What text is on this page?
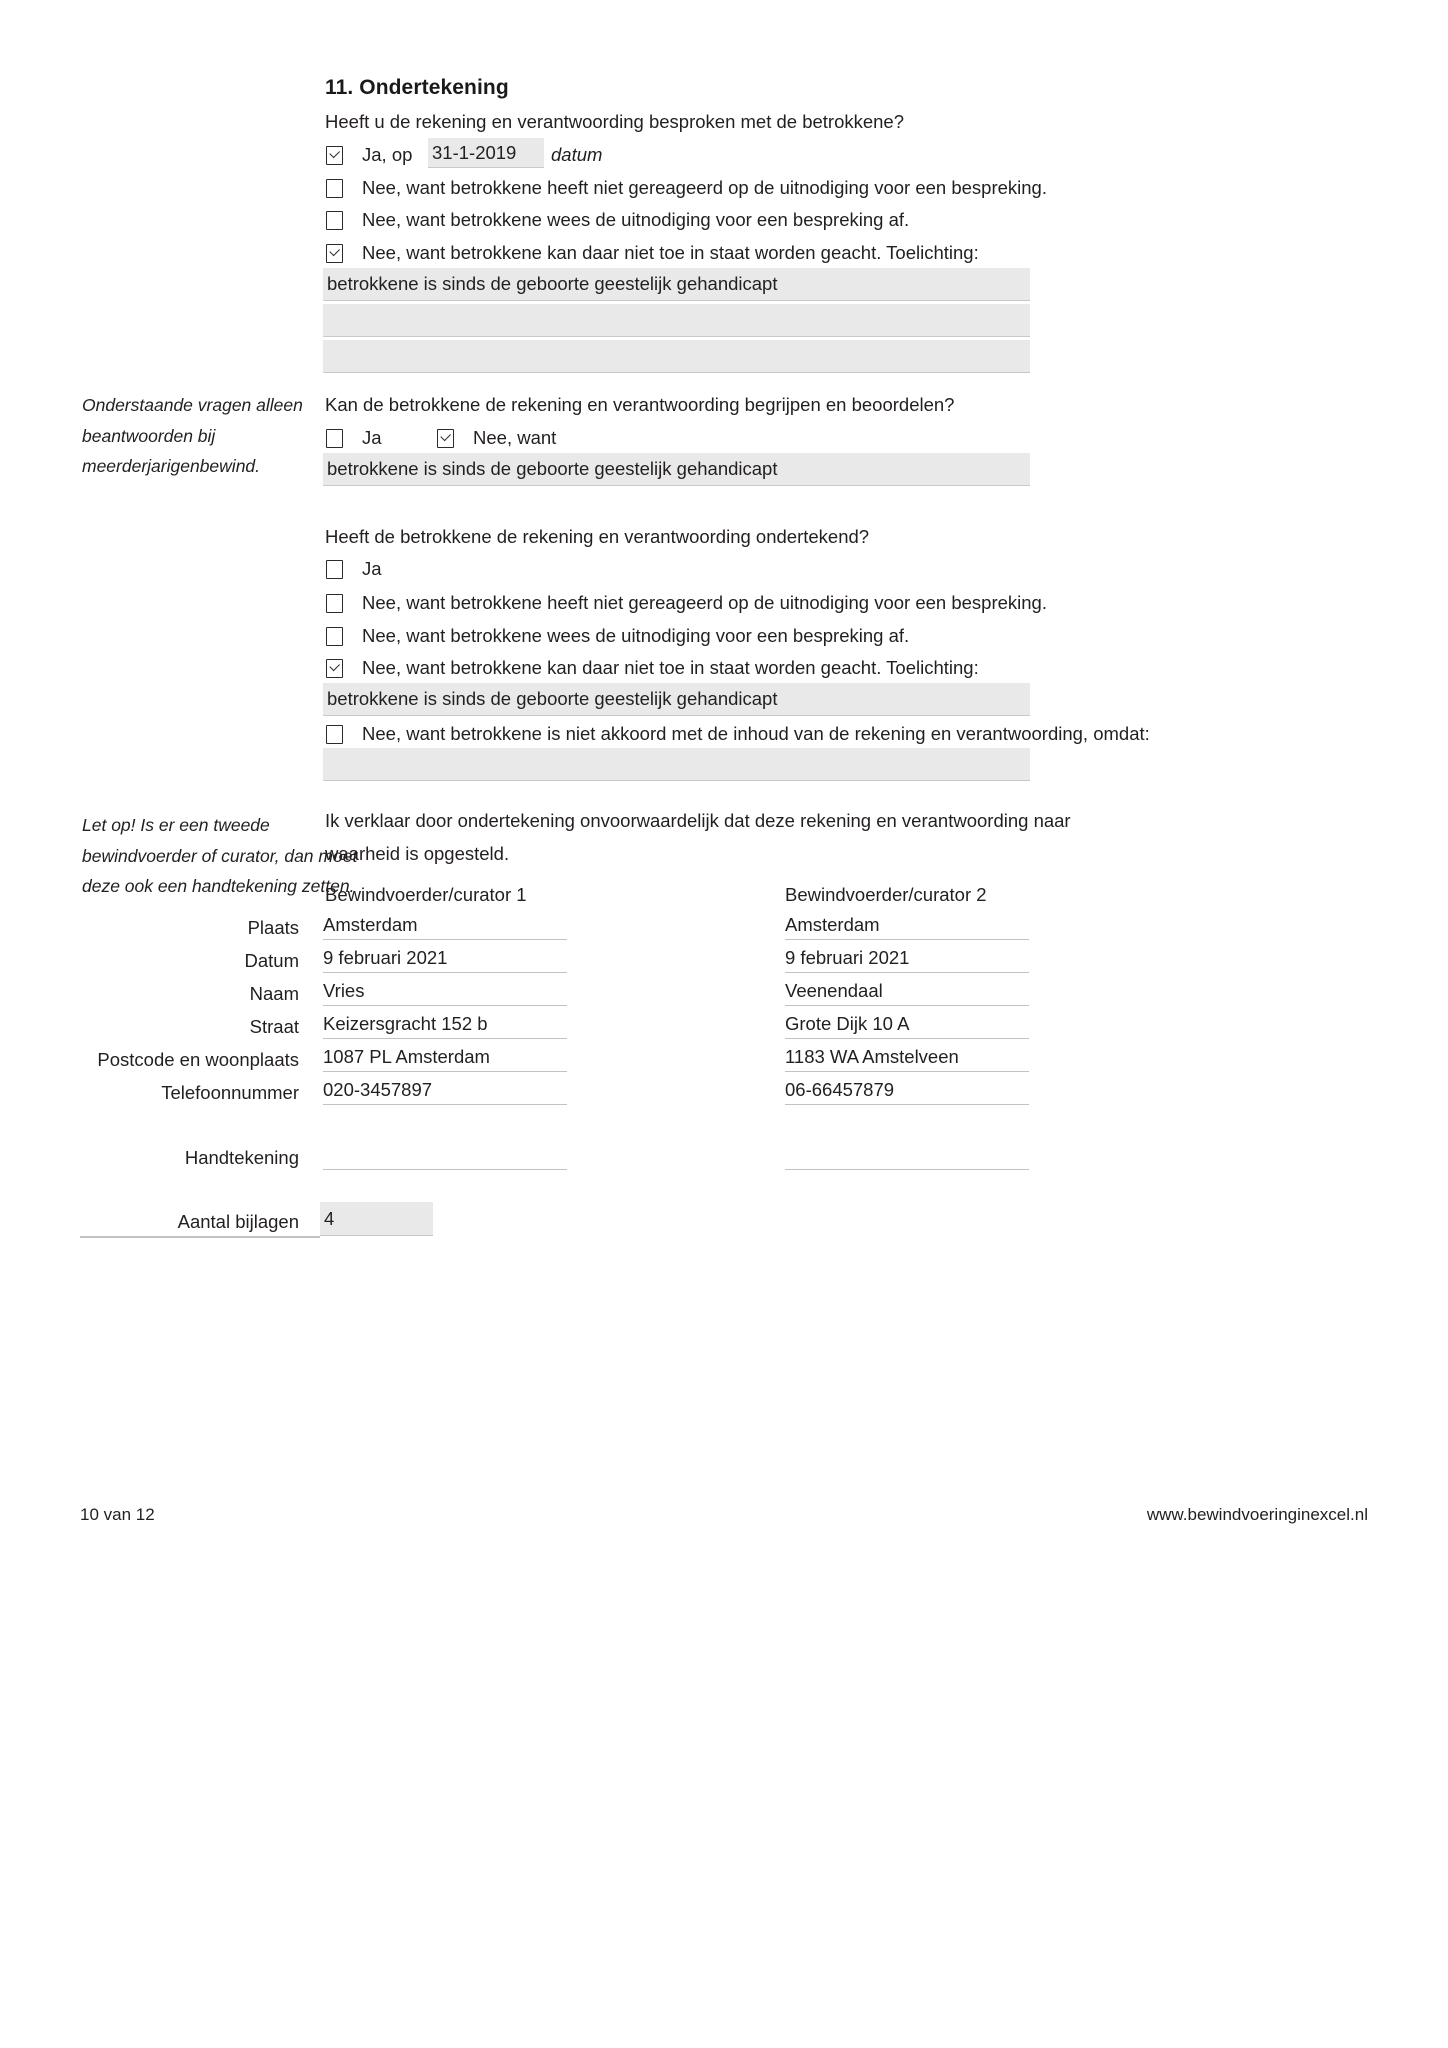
11. Ondertekening
Heeft u de rekening en verantwoording besproken met de betrokkene?
Ja, op 31-1-2019	datum
Nee, want betrokkene heeft niet gereageerd op de uitnodiging voor een bespreking.
Nee, want betrokkene wees de uitnodiging voor een bespreking af.
Nee, want betrokkene kan daar niet toe in staat worden geacht. Toelichting:
betrokkene is sinds de geboorte geestelijk gehandicapt
Onderstaande vragen alleen beantwoorden bij meerderjarigenbewind.
Kan de betrokkene de rekening en verantwoording begrijpen en beoordelen?
Ja	Nee, want
betrokkene is sinds de geboorte geestelijk gehandicapt
Heeft de betrokkene de rekening en verantwoording ondertekend?
Ja
Nee, want betrokkene heeft niet gereageerd op de uitnodiging voor een bespreking.
Nee, want betrokkene wees de uitnodiging voor een bespreking af.
Nee, want betrokkene kan daar niet toe in staat worden geacht. Toelichting:
betrokkene is sinds de geboorte geestelijk gehandicapt
Nee, want betrokkene is niet akkoord met de inhoud van de rekening en verantwoording, omdat:
Let op! Is er een tweede bewindvoerder of curator, dan moet deze ook een handtekening zetten.
Ik verklaar door ondertekening onvoorwaardelijk dat deze rekening en verantwoording naar
waarheid is opgesteld.
Bewindvoerder/curator 1	Bewindvoerder/curator 2
Plaats Amsterdam	Amsterdam
Datum 9 februari 2021	9 februari 2021
Naam Vries	Veenendaal
Straat Keizersgracht 152 b	Grote Dijk 10 A
Postcode en woonplaats 1087 PL Amsterdam	1183 WA Amstelveen
Telefoonnummer 020-3457897	06-66457879
Handtekening
Aantal bijlagen 4
10 van 12	www.bewindvoeringinexcel.nl
